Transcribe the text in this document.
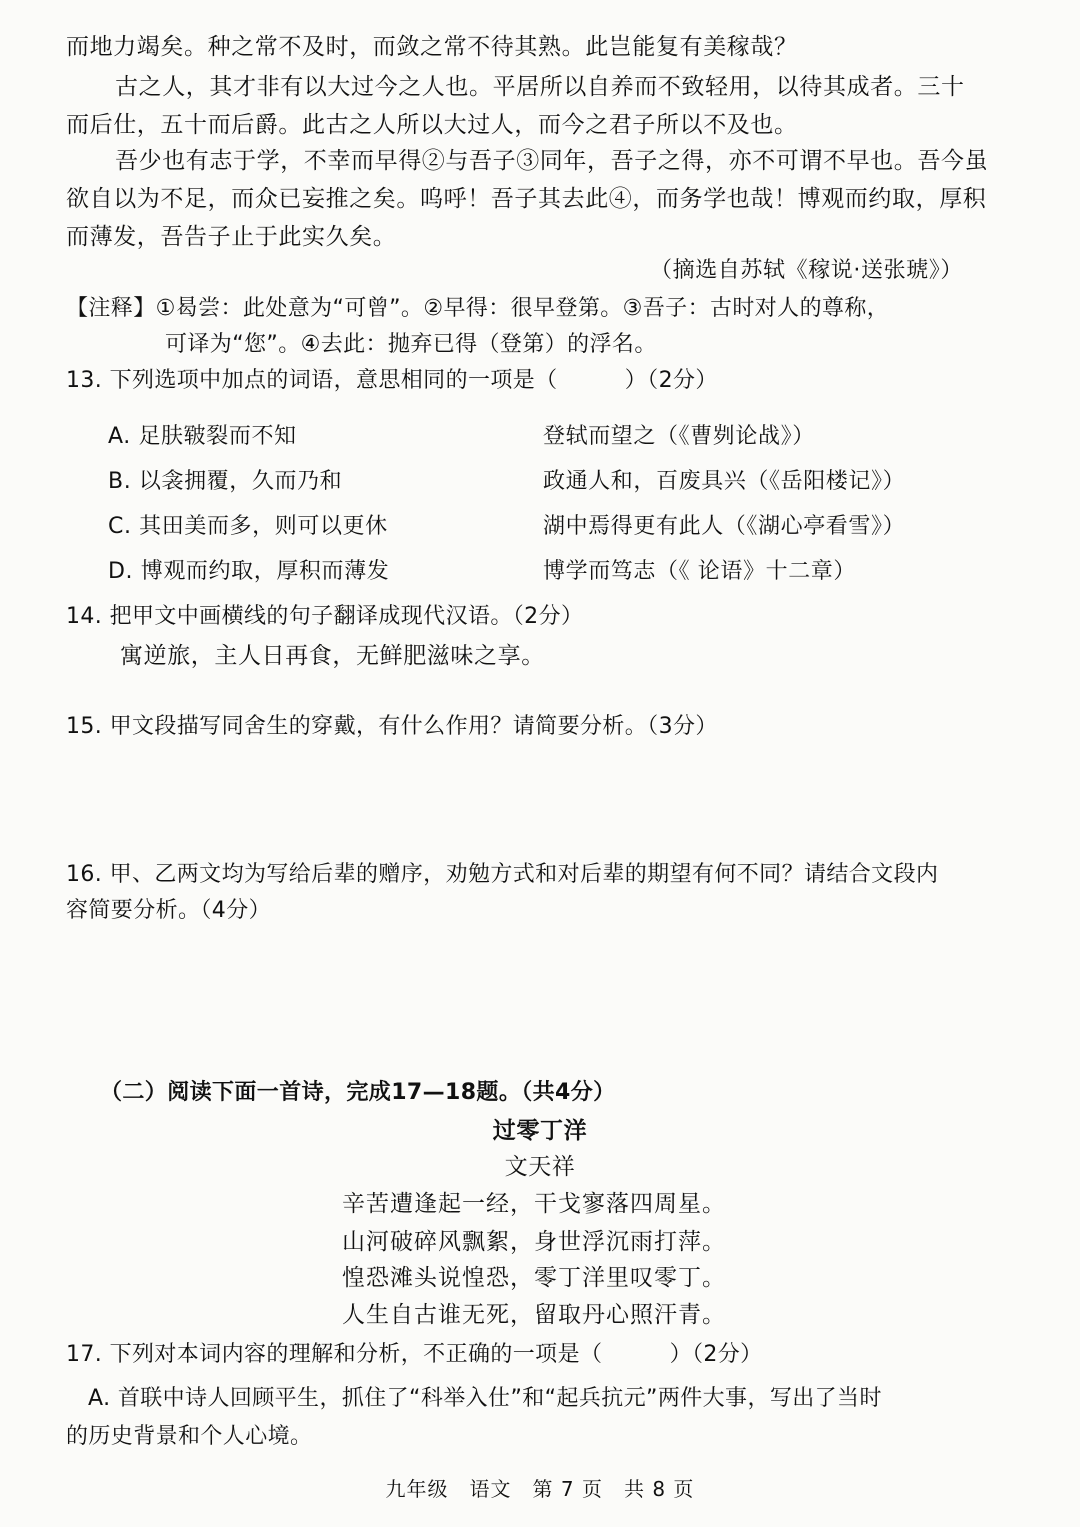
而地力竭矣。种之常不及时，而敛之常不待其熟。此岂能复有美稼哉？
古之人，其才非有以大过今之人也。平居所以自养而不致轻用，以待其成者。三十
而后仕，五十而后爵。此古之人所以大过人，而今之君子所以不及也。
吾少也有志于学，不幸而早得②与吾子③同年，吾子之得，亦不可谓不早也。吾今虽
欲自以为不足，而众已妄推之矣。呜呼！吾子其去此④，而务学也哉！博观而约取，厚积
而薄发，吾告子止于此实久矣。
（摘选自苏轼《稼说·送张琥》）
【注释】①曷尝：此处意为“可曾”。②早得：很早登第。③吾子：古时对人的尊称，
可译为“您”。④去此：抛弃已得（登第）的浮名。
13. 下列选项中加点的词语，意思相同的一项是（　　　）（2分）
A. 足肤皲裂而不知	登轼而望之（《曹刿论战》）
B. 以衾拥覆，久而乃和	政通人和，百废具兴（《岳阳楼记》）
C. 其田美而多，则可以更休	湖中焉得更有此人（《湖心亭看雪》）
D. 博观而约取，厚积而薄发	博学而笃志（《 论语》十二章）
14. 把甲文中画横线的句子翻译成现代汉语。（2分）
寓逆旅，主人日再食，无鲜肥滋味之享。
15. 甲文段描写同舍生的穿戴，有什么作用？请简要分析。（3分）
16. 甲、乙两文均为写给后辈的赠序，劝勉方式和对后辈的期望有何不同？请结合文段内
容简要分析。（4分）
（二）阅读下面一首诗，完成17—18题。（共4分）
过零丁洋
文天祥
辛苦遭逢起一经，干戈寥落四周星。
山河破碎风飘絮，身世浮沉雨打萍。
惶恐滩头说惶恐，零丁洋里叹零丁。
人生自古谁无死，留取丹心照汗青。
17. 下列对本词内容的理解和分析，不正确的一项是（　　　）（2分）
A. 首联中诗人回顾平生，抓住了“科举入仕”和“起兵抗元”两件大事，写出了当时
的历史背景和个人心境。
九年级　语文　第 7 页　共 8 页
